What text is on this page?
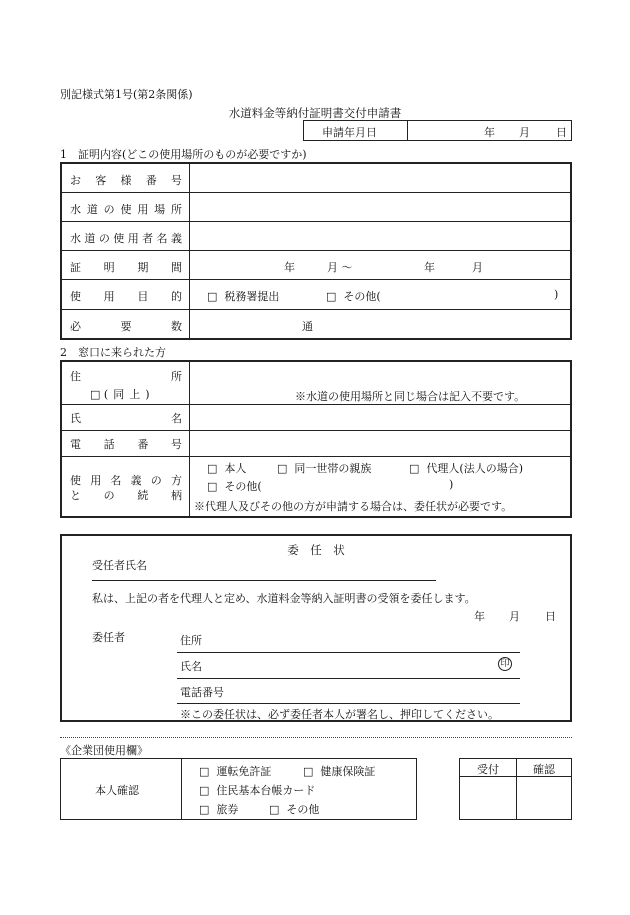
別記様式第1号(第2条関係)
水道料金等納付証明書交付申請書
申請年月日	年 月 日
1　証明内容(どこの使用場所のものが必要ですか)
お 客 様 番 号
水 道 の 使 用 場 所
水 道 の 使 用 者 名 義
証 明 期 間	年	月 〜	年	月
使 用 目 的 □ 税務署提出	□ その他(	)
必	要	数	通
2　窓口に来られた方
住	所
□ (同上)	※水道の使用場所と同じ場合は記入不要です。
氏	名
電 話 番 号
使 用 名 義 の 方
と の 続 柄
□ 本人	□ 同一世帯の親族	□ 代理人(法人の場合)
□ その他(	)
※代理人及びその他の方が申請する場合は、委任状が必要です。
委　任　状
受任者氏名
私は、上記の者を代理人と定め、水道料金等納入証明書の受領を委任します。
年 月 日
委任者	住所
氏名	印
電話番号
※この委任状は、必ず委任者本人が署名し、押印してください。
《企業団使用欄》
本人確認
□ 運転免許証	□ 健康保険証
□ 住民基本台帳カード
□ 旅券	□ その他
受付	確認
